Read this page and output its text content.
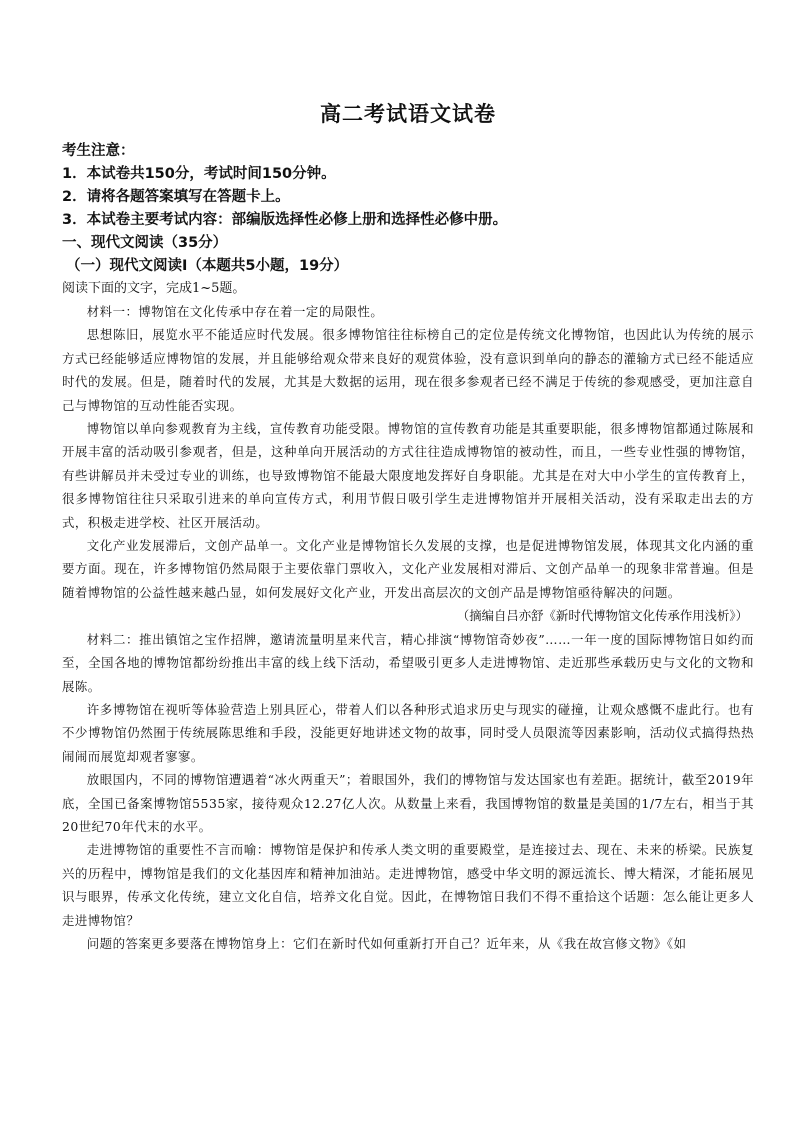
高二考试语文试卷
考生注意：
1．本试卷共150分，考试时间150分钟。
2．请将各题答案填写在答题卡上。
3．本试卷主要考试内容：部编版选择性必修上册和选择性必修中册。
一、现代文阅读（35分）
（一）现代文阅读Ⅰ（本题共5小题，19分）
阅读下面的文字，完成1~5题。

材料一：博物馆在文化传承中存在着一定的局限性。

思想陈旧，展览水平不能适应时代发展。很多博物馆往往标榜自己的定位是传统文化博物馆，也因此认为传统的展示方式已经能够适应博物馆的发展，并且能够给观众带来良好的观赏体验，没有意识到单向的静态的灌输方式已经不能适应时代的发展。但是，随着时代的发展，尤其是大数据的运用，现在很多参观者已经不满足于传统的参观感受，更加注意自己与博物馆的互动性能否实现。

博物馆以单向参观教育为主线，宣传教育功能受限。博物馆的宣传教育功能是其重要职能，很多博物馆都通过陈展和开展丰富的活动吸引参观者，但是，这种单向开展活动的方式往往造成博物馆的被动性，而且，一些专业性强的博物馆，有些讲解员并未受过专业的训练，也导致博物馆不能最大限度地发挥好自身职能。尤其是在对大中小学生的宣传教育上，很多博物馆往往只采取引进来的单向宣传方式，利用节假日吸引学生走进博物馆并开展相关活动，没有采取走出去的方式，积极走进学校、社区开展活动。

文化产业发展滞后，文创产品单一。文化产业是博物馆长久发展的支撑，也是促进博物馆发展，体现其文化内涵的重要方面。现在，许多博物馆仍然局限于主要依靠门票收入，文化产业发展相对滞后、文创产品单一的现象非常普遍。但是随着博物馆的公益性越来越凸显，如何发展好文化产业，开发出高层次的文创产品是博物馆亟待解决的问题。

（摘编自吕亦舒《新时代博物馆文化传承作用浅析》）

材料二：推出镇馆之宝作招牌，邀请流量明星来代言，精心排演“博物馆奇妙夜”……一年一度的国际博物馆日如约而至，全国各地的博物馆都纷纷推出丰富的线上线下活动，希望吸引更多人走进博物馆、走近那些承载历史与文化的文物和展陈。

许多博物馆在视听等体验营造上别具匠心，带着人们以各种形式追求历史与现实的碰撞，让观众感慨不虚此行。也有不少博物馆仍然囿于传统展陈思维和手段，没能更好地讲述文物的故事，同时受人员限流等因素影响，活动仪式搞得热热闹闹而展览却观者寥寥。

放眼国内，不同的博物馆遭遇着“冰火两重天”；着眼国外，我们的博物馆与发达国家也有差距。据统计，截至2019年底，全国已备案博物馆5535家，接待观众12.27亿人次。从数量上来看，我国博物馆的数量是美国的1/7左右，相当于其20世纪70年代末的水平。

走进博物馆的重要性不言而喻：博物馆是保护和传承人类文明的重要殿堂，是连接过去、现在、未来的桥梁。民族复兴的历程中，博物馆是我们的文化基因库和精神加油站。走进博物馆，感受中华文明的源远流长、博大精深，才能拓展见识与眼界，传承文化传统，建立文化自信，培养文化自觉。因此，在博物馆日我们不得不重拾这个话题：怎么能让更多人走进博物馆？

问题的答案更多要落在博物馆身上：它们在新时代如何重新打开自己？近年来，从《我在故宫修文物》《如
